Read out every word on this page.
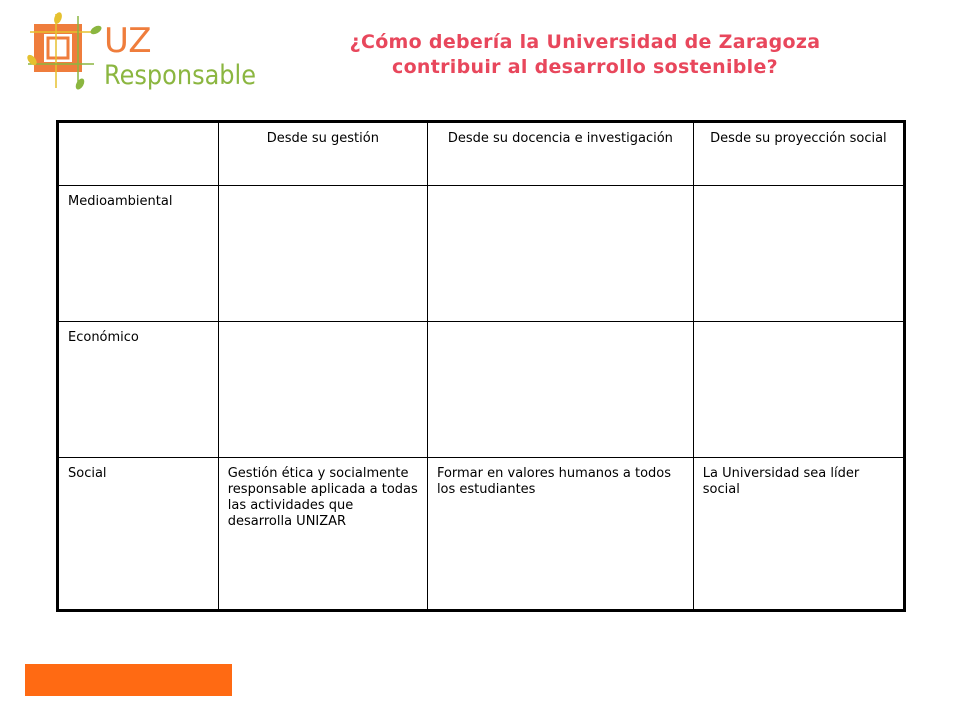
UZ
Responsable
¿Cómo debería la Universidad de Zaragoza
contribuir al desarrollo sostenible?
	Desde su gestión	Desde su docencia e investigación	Desde su proyección social
Medioambiental			
Económico			
Social	Gestión ética y socialmente responsable aplicada a todas las actividades que desarrolla UNIZAR	Formar en valores humanos a todos los estudiantes	La Universidad sea líder social
